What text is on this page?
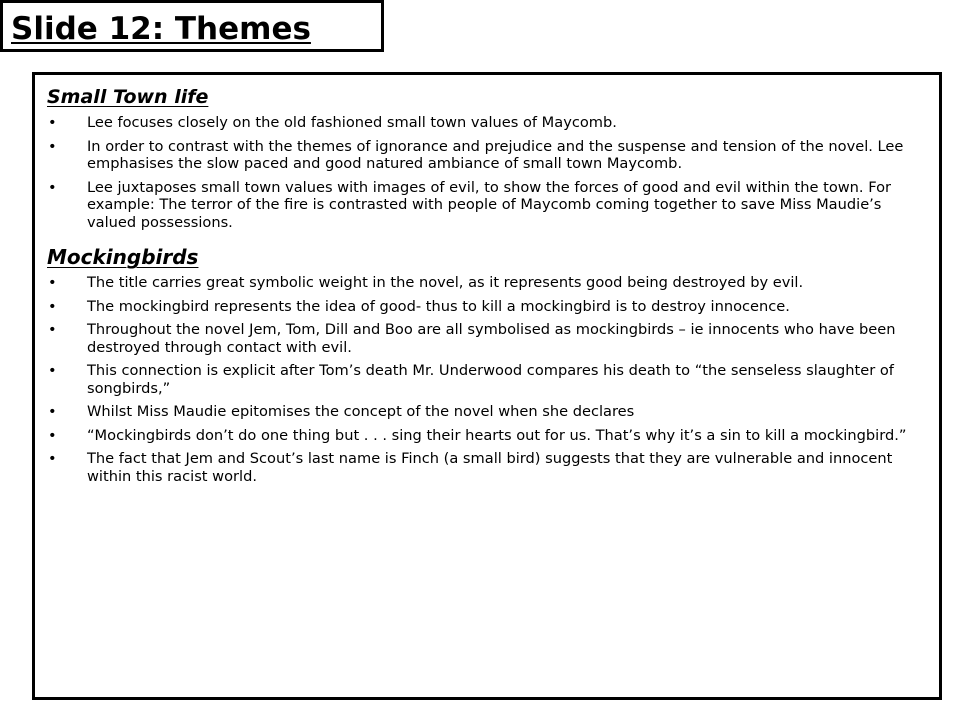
Slide 12: Themes
Small Town life
• Lee focuses closely on the old fashioned small town values of Maycomb.
• In order to contrast with the themes of ignorance and prejudice and the suspense and tension of the novel. Lee emphasises the slow paced and good natured ambiance of small town Maycomb.
• Lee juxtaposes small town values with images of evil, to show the forces of good and evil within the town. For example: The terror of the fire is contrasted with people of Maycomb coming together to save Miss Maudie’s valued possessions.
Mockingbirds
• The title carries great symbolic weight in the novel, as it represents good being destroyed by evil.
• The mockingbird represents the idea of good- thus to kill a mockingbird is to destroy innocence.
• Throughout the novel Jem, Tom, Dill and Boo are all symbolised as mockingbirds – ie innocents who have been destroyed through contact with evil.
• This connection is explicit after Tom’s death Mr. Underwood compares his death to “the senseless slaughter of songbirds,”
• Whilst Miss Maudie epitomises the concept of the novel when she declares
• “Mockingbirds don’t do one thing but . . . sing their hearts out for us. That’s why it’s a sin to kill a mockingbird.”
• The fact that Jem and Scout’s last name is Finch (a small bird) suggests that they are vulnerable and innocent within this racist world.
